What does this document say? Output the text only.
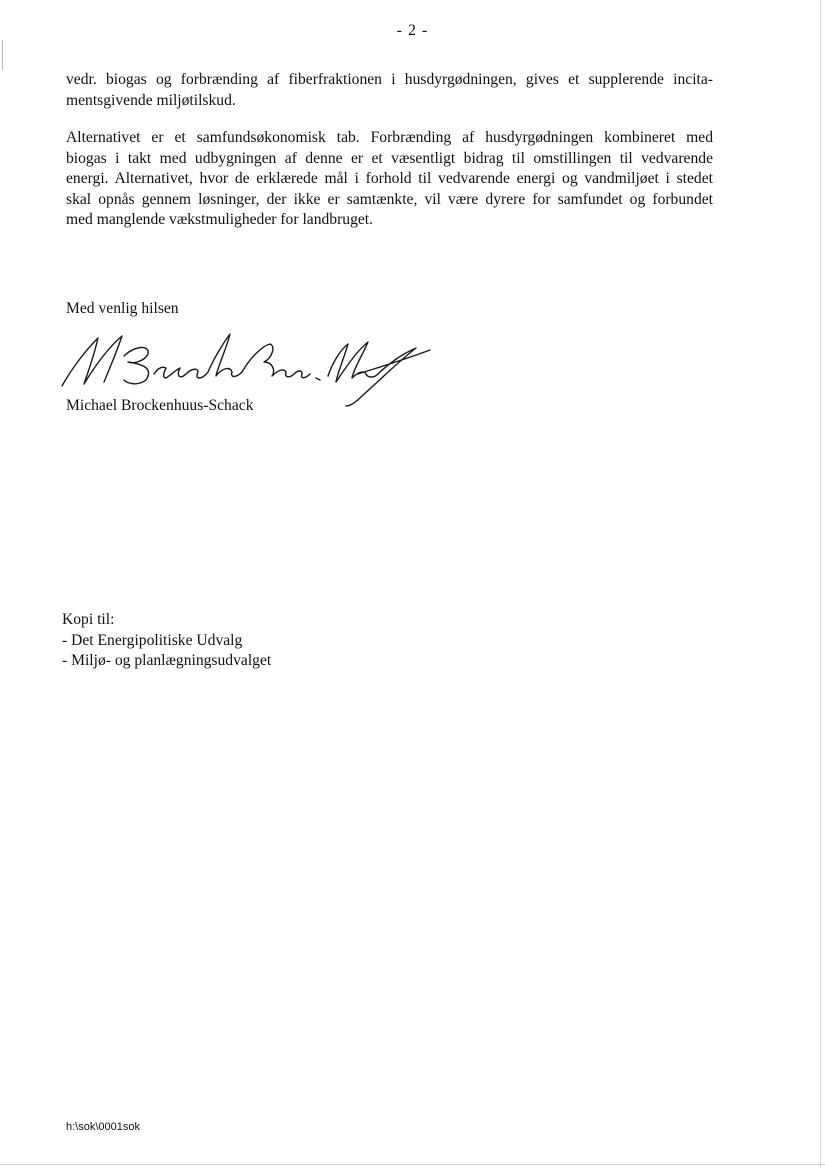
- 2 -
vedr. biogas og forbrænding af fiberfraktionen i husdyrgødningen, gives et supplerende incita-
mentsgivende miljøtilskud.
Alternativet er et samfundsøkonomisk tab. Forbrænding af husdyrgødningen kombineret med
biogas i takt med udbygningen af denne er et væsentligt bidrag til omstillingen til vedvarende
energi. Alternativet, hvor de erklærede mål i forhold til vedvarende energi og vandmiljøet i stedet
skal opnås gennem løsninger, der ikke er samtænkte, vil være dyrere for samfundet og forbundet
med manglende vækstmuligheder for landbruget.
Med venlig hilsen
Michael Brockenhuus-Schack
Kopi til:
- Det Energipolitiske Udvalg
- Miljø- og planlægningsudvalget
h:\sok\0001sok
